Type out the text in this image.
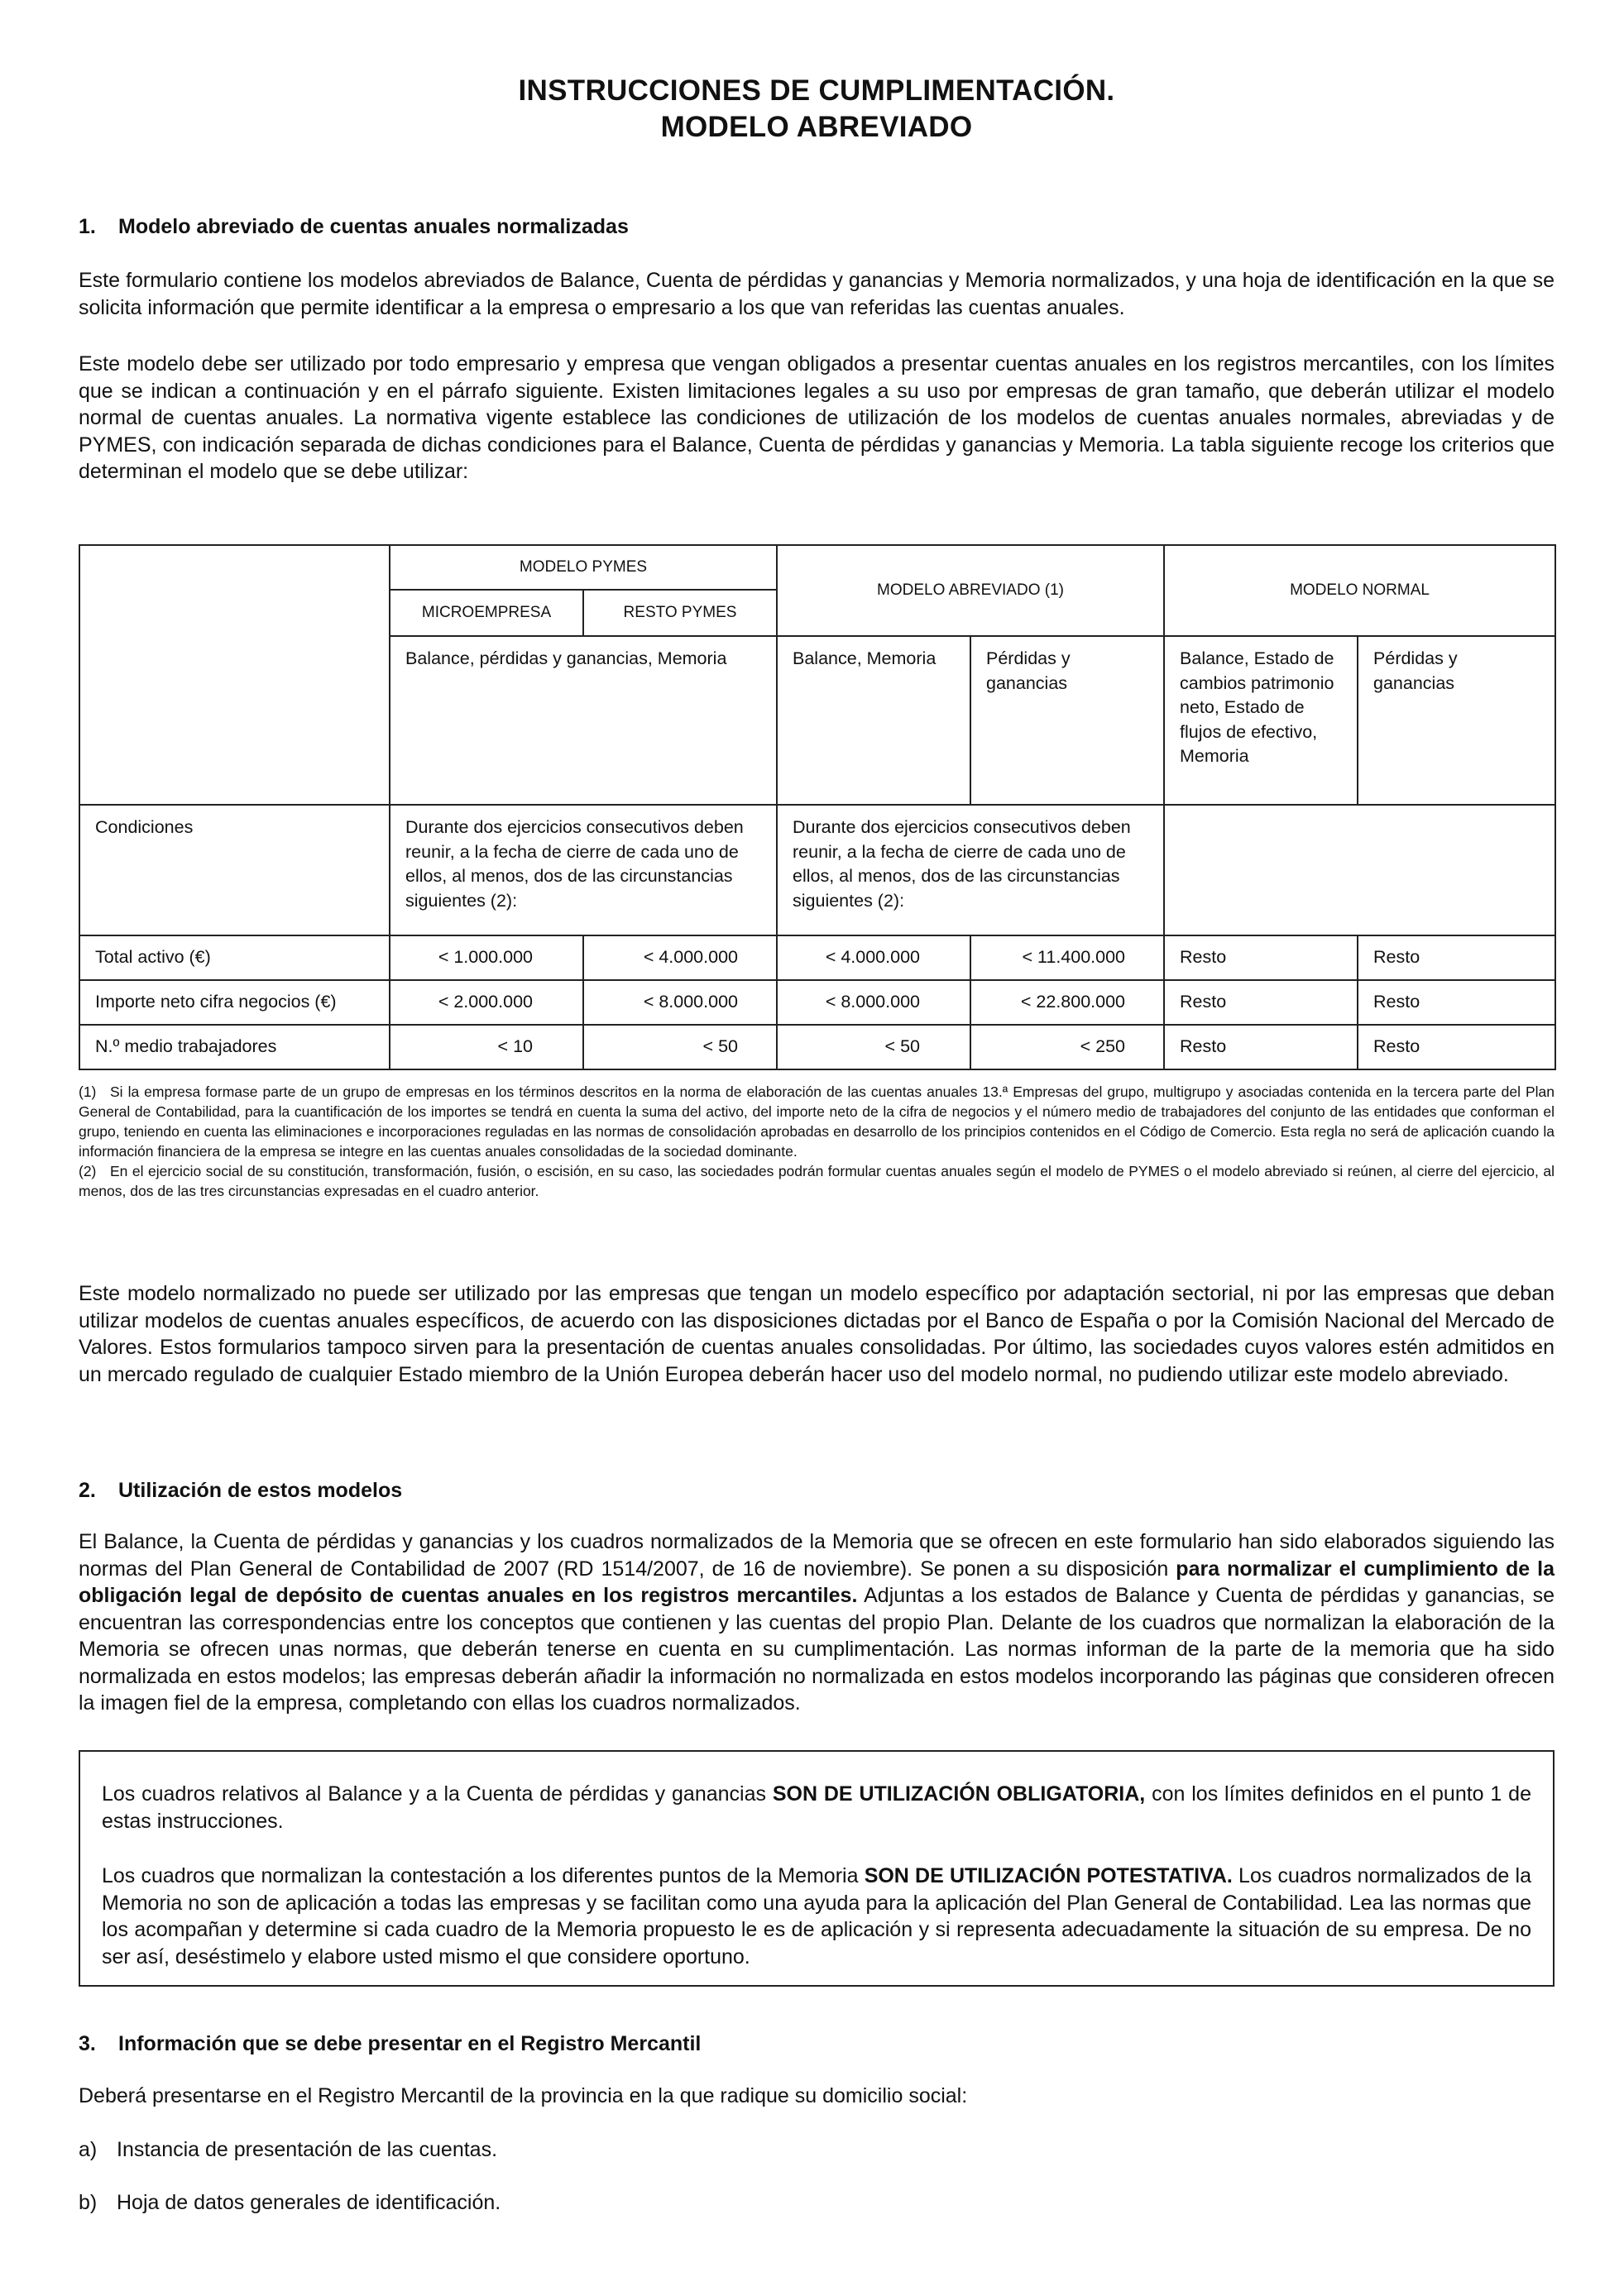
INSTRUCCIONES DE CUMPLIMENTACIÓN.
MODELO ABREVIADO
1. Modelo abreviado de cuentas anuales normalizadas
Este formulario contiene los modelos abreviados de Balance, Cuenta de pérdidas y ganancias y Memoria normalizados, y una hoja de identificación en la que se solicita información que permite identificar a la empresa o empresario a los que van referidas las cuentas anuales.
Este modelo debe ser utilizado por todo empresario y empresa que vengan obligados a presentar cuentas anuales en los registros mercantiles, con los límites que se indican a continuación y en el párrafo siguiente. Existen limitaciones legales a su uso por empresas de gran tamaño, que deberán utilizar el modelo normal de cuentas anuales. La normativa vigente establece las condiciones de utilización de los modelos de cuentas anuales normales, abreviadas y de PYMES, con indicación separada de dichas condiciones para el Balance, Cuenta de pérdidas y ganancias y Memoria. La tabla siguiente recoge los criterios que determinan el modelo que se debe utilizar:
	MODELO PYMES		MODELO ABREVIADO (1)		MODELO NORMAL	
	MICROEMPRESA	RESTO PYMES				
	Balance, pérdidas y ganancias, Memoria		Balance, Memoria	Pérdidas y ganancias	Balance, Estado de cambios patrimonio neto, Estado de flujos de efectivo, Memoria	Pérdidas y ganancias
Condiciones	Durante dos ejercicios consecutivos deben reunir, a la fecha de cierre de cada uno de ellos, al menos, dos de las circunstancias siguientes (2):		Durante dos ejercicios consecutivos deben reunir, a la fecha de cierre de cada uno de ellos, al menos, dos de las circunstancias siguientes (2):			
Total activo (€)	< 1.000.000	< 4.000.000	< 4.000.000	< 11.400.000	Resto	Resto
Importe neto cifra negocios (€)	< 2.000.000	< 8.000.000	< 8.000.000	< 22.800.000	Resto	Resto
N.º medio trabajadores	< 10	< 50	< 50	< 250	Resto	Resto
(1) Si la empresa formase parte de un grupo de empresas en los términos descritos en la norma de elaboración de las cuentas anuales 13.ª Empresas del grupo, multigrupo y asociadas contenida en la tercera parte del Plan General de Contabilidad, para la cuantificación de los importes se tendrá en cuenta la suma del activo, del importe neto de la cifra de negocios y el número medio de trabajadores del conjunto de las entidades que conforman el grupo, teniendo en cuenta las eliminaciones e incorporaciones reguladas en las normas de consolidación aprobadas en desarrollo de los principios contenidos en el Código de Comercio. Esta regla no será de aplicación cuando la información financiera de la empresa se integre en las cuentas anuales consolidadas de la sociedad dominante.
(2) En el ejercicio social de su constitución, transformación, fusión, o escisión, en su caso, las sociedades podrán formular cuentas anuales según el modelo de PYMES o el modelo abreviado si reúnen, al cierre del ejercicio, al menos, dos de las tres circunstancias expresadas en el cuadro anterior.
Este modelo normalizado no puede ser utilizado por las empresas que tengan un modelo específico por adaptación sectorial, ni por las empresas que deban utilizar modelos de cuentas anuales específicos, de acuerdo con las disposiciones dictadas por el Banco de España o por la Comisión Nacional del Mercado de Valores. Estos formularios tampoco sirven para la presentación de cuentas anuales consolidadas. Por último, las sociedades cuyos valores estén admitidos en un mercado regulado de cualquier Estado miembro de la Unión Europea deberán hacer uso del modelo normal, no pudiendo utilizar este modelo abreviado.
2. Utilización de estos modelos
El Balance, la Cuenta de pérdidas y ganancias y los cuadros normalizados de la Memoria que se ofrecen en este formulario han sido elaborados siguiendo las normas del Plan General de Contabilidad de 2007 (RD 1514/2007, de 16 de noviembre). Se ponen a su disposición para normalizar el cumplimiento de la obligación legal de depósito de cuentas anuales en los registros mercantiles. Adjuntas a los estados de Balance y Cuenta de pérdidas y ganancias, se encuentran las correspondencias entre los conceptos que contienen y las cuentas del propio Plan. Delante de los cuadros que normalizan la elaboración de la Memoria se ofrecen unas normas, que deberán tenerse en cuenta en su cumplimentación. Las normas informan de la parte de la memoria que ha sido normalizada en estos modelos; las empresas deberán añadir la información no normalizada en estos modelos incorporando las páginas que consideren ofrecen la imagen fiel de la empresa, completando con ellas los cuadros normalizados.
Los cuadros relativos al Balance y a la Cuenta de pérdidas y ganancias SON DE UTILIZACIÓN OBLIGATORIA, con los límites definidos en el punto 1 de estas instrucciones.
Los cuadros que normalizan la contestación a los diferentes puntos de la Memoria SON DE UTILIZACIÓN POTESTATIVA. Los cuadros normalizados de la Memoria no son de aplicación a todas las empresas y se facilitan como una ayuda para la aplicación del Plan General de Contabilidad. Lea las normas que los acompañan y determine si cada cuadro de la Memoria propuesto le es de aplicación y si representa adecuadamente la situación de su empresa. De no ser así, deséstimelo y elabore usted mismo el que considere oportuno.
3. Información que se debe presentar en el Registro Mercantil
Deberá presentarse en el Registro Mercantil de la provincia en la que radique su domicilio social:
a) Instancia de presentación de las cuentas.
b) Hoja de datos generales de identificación.
